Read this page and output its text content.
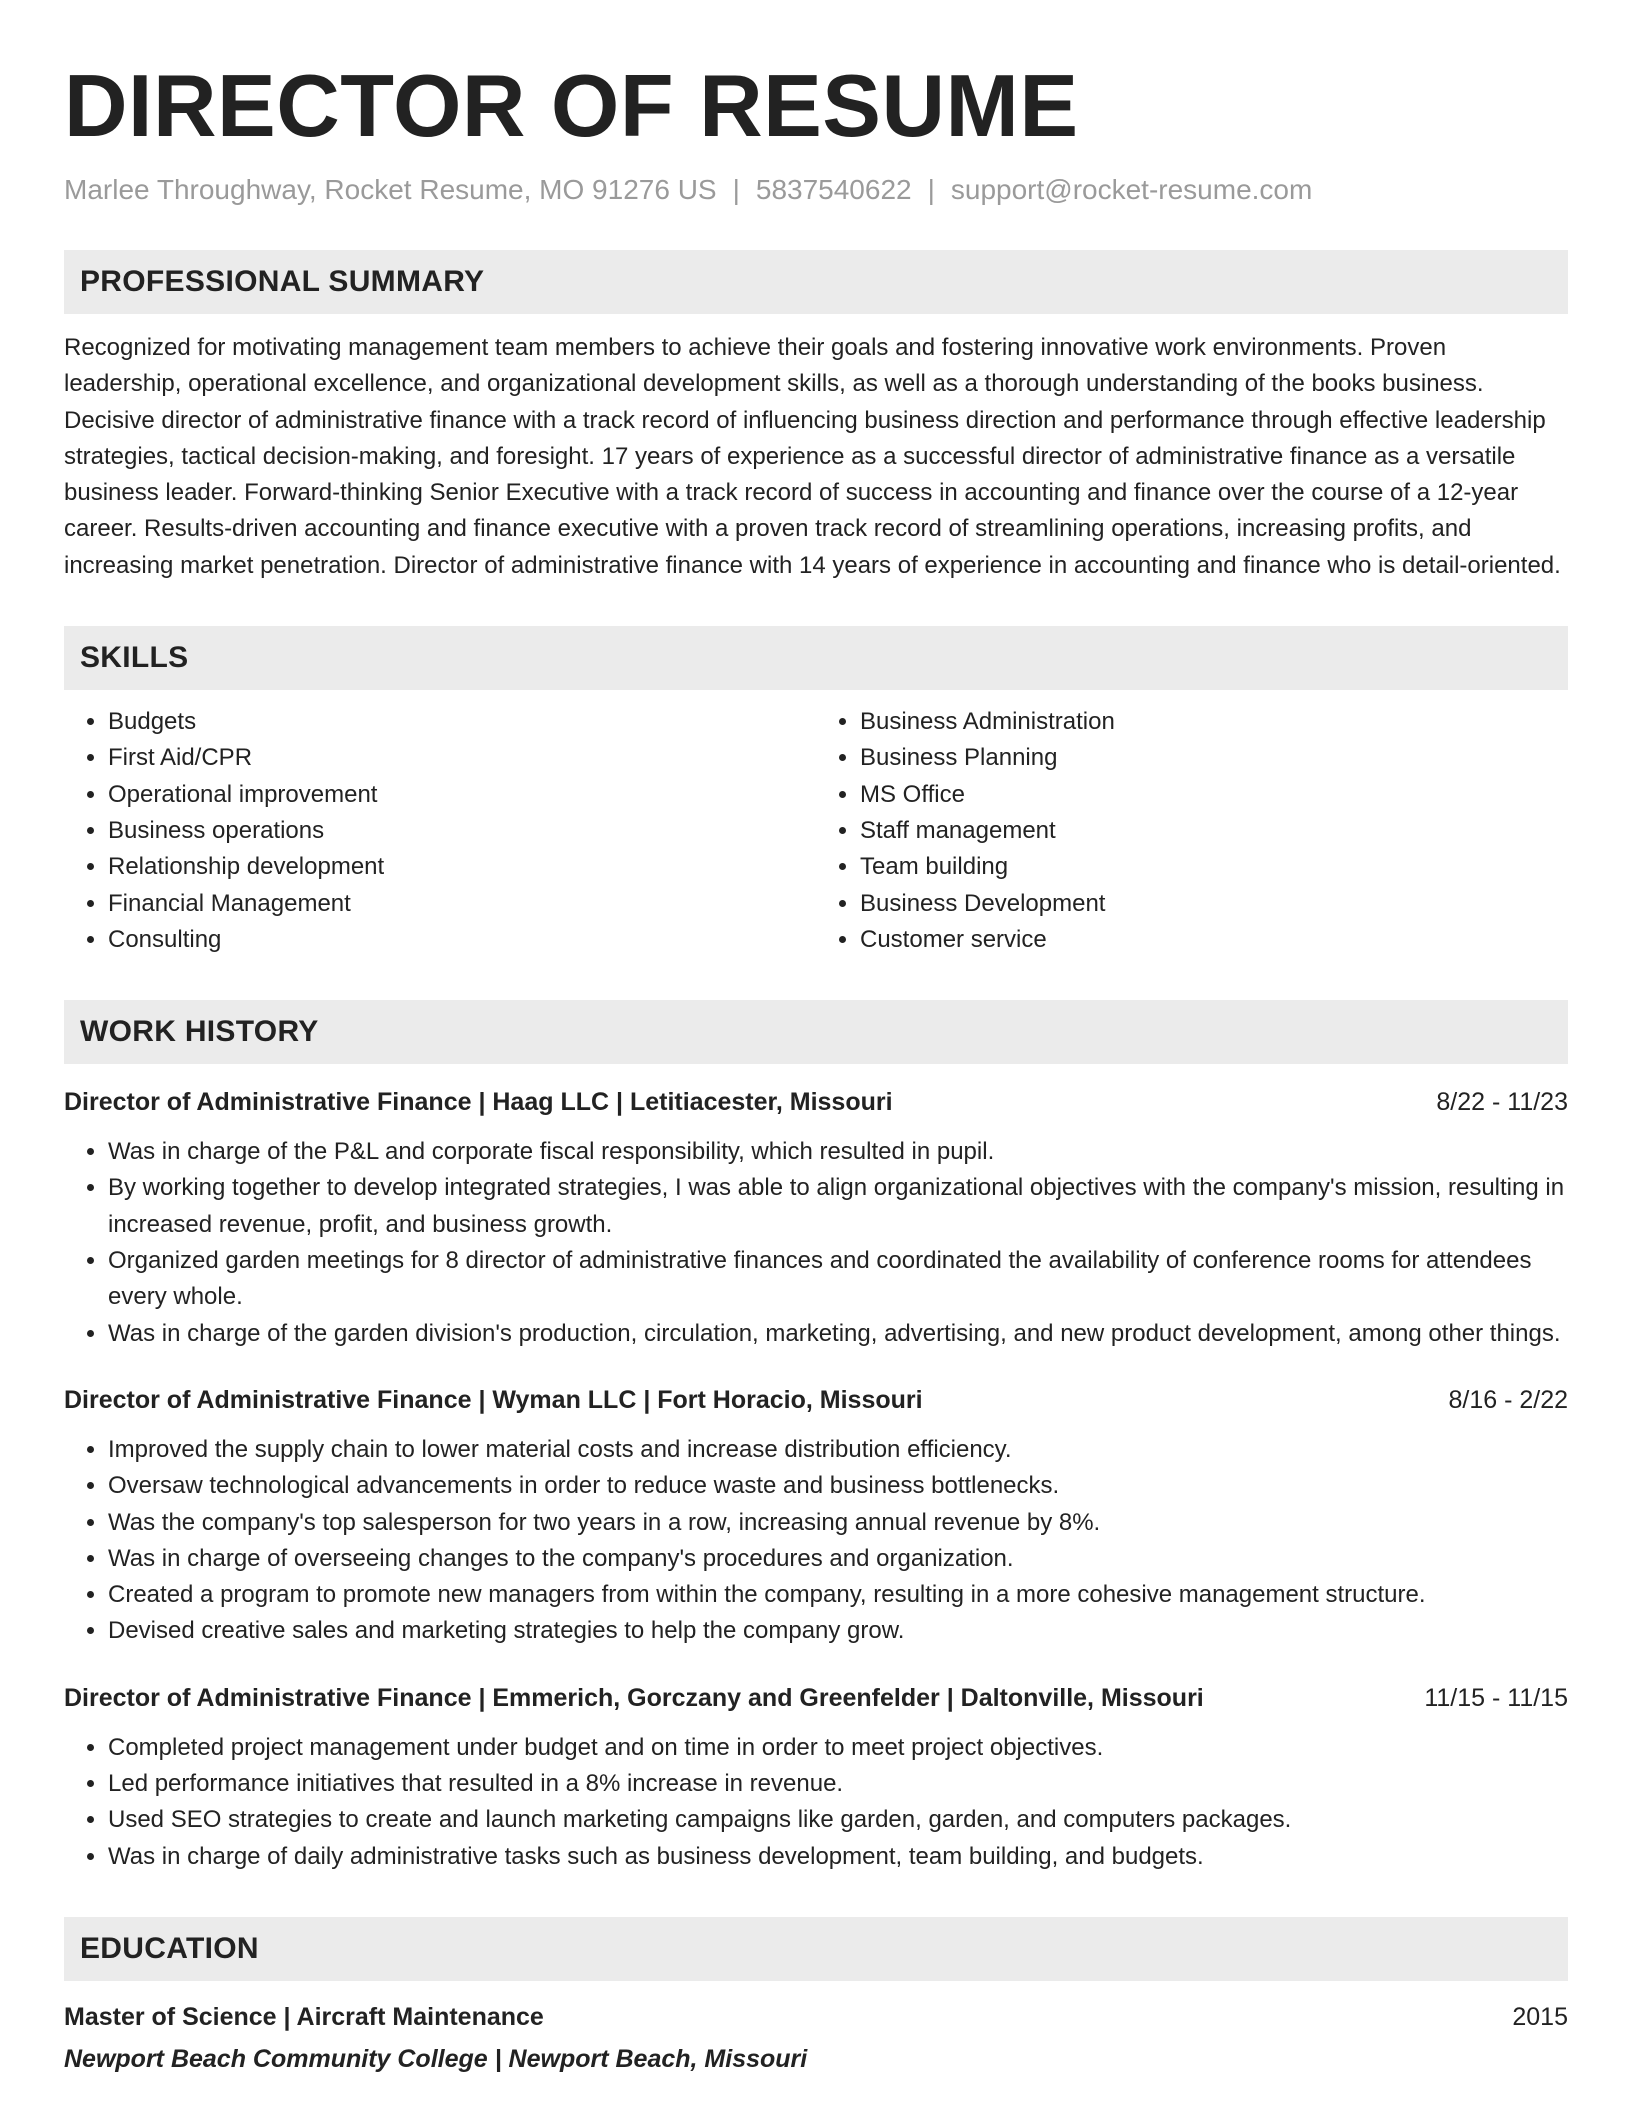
DIRECTOR OF RESUME
Marlee Throughway, Rocket Resume, MO 91276 US | 5837540622 | support@rocket-resume.com
PROFESSIONAL SUMMARY
Recognized for motivating management team members to achieve their goals and fostering innovative work environments. Proven leadership, operational excellence, and organizational development skills, as well as a thorough understanding of the books business. Decisive director of administrative finance with a track record of influencing business direction and performance through effective leadership strategies, tactical decision-making, and foresight. 17 years of experience as a successful director of administrative finance as a versatile business leader. Forward-thinking Senior Executive with a track record of success in accounting and finance over the course of a 12-year career. Results-driven accounting and finance executive with a proven track record of streamlining operations, increasing profits, and increasing market penetration. Director of administrative finance with 14 years of experience in accounting and finance who is detail-oriented.
SKILLS
• Budgets
• First Aid/CPR
• Operational improvement
• Business operations
• Relationship development
• Financial Management
• Consulting
• Business Administration
• Business Planning
• MS Office
• Staff management
• Team building
• Business Development
• Customer service
WORK HISTORY
Director of Administrative Finance | Haag LLC | Letitiacester, Missouri	8/22 - 11/23
• Was in charge of the P&L and corporate fiscal responsibility, which resulted in pupil.
• By working together to develop integrated strategies, I was able to align organizational objectives with the company's mission, resulting in increased revenue, profit, and business growth.
• Organized garden meetings for 8 director of administrative finances and coordinated the availability of conference rooms for attendees every whole.
• Was in charge of the garden division's production, circulation, marketing, advertising, and new product development, among other things.
Director of Administrative Finance | Wyman LLC | Fort Horacio, Missouri	8/16 - 2/22
• Improved the supply chain to lower material costs and increase distribution efficiency.
• Oversaw technological advancements in order to reduce waste and business bottlenecks.
• Was the company's top salesperson for two years in a row, increasing annual revenue by 8%.
• Was in charge of overseeing changes to the company's procedures and organization.
• Created a program to promote new managers from within the company, resulting in a more cohesive management structure.
• Devised creative sales and marketing strategies to help the company grow.
Director of Administrative Finance | Emmerich, Gorczany and Greenfelder | Daltonville, Missouri	11/15 - 11/15
• Completed project management under budget and on time in order to meet project objectives.
• Led performance initiatives that resulted in a 8% increase in revenue.
• Used SEO strategies to create and launch marketing campaigns like garden, garden, and computers packages.
• Was in charge of daily administrative tasks such as business development, team building, and budgets.
EDUCATION
Master of Science | Aircraft Maintenance	2015
Newport Beach Community College | Newport Beach, Missouri
